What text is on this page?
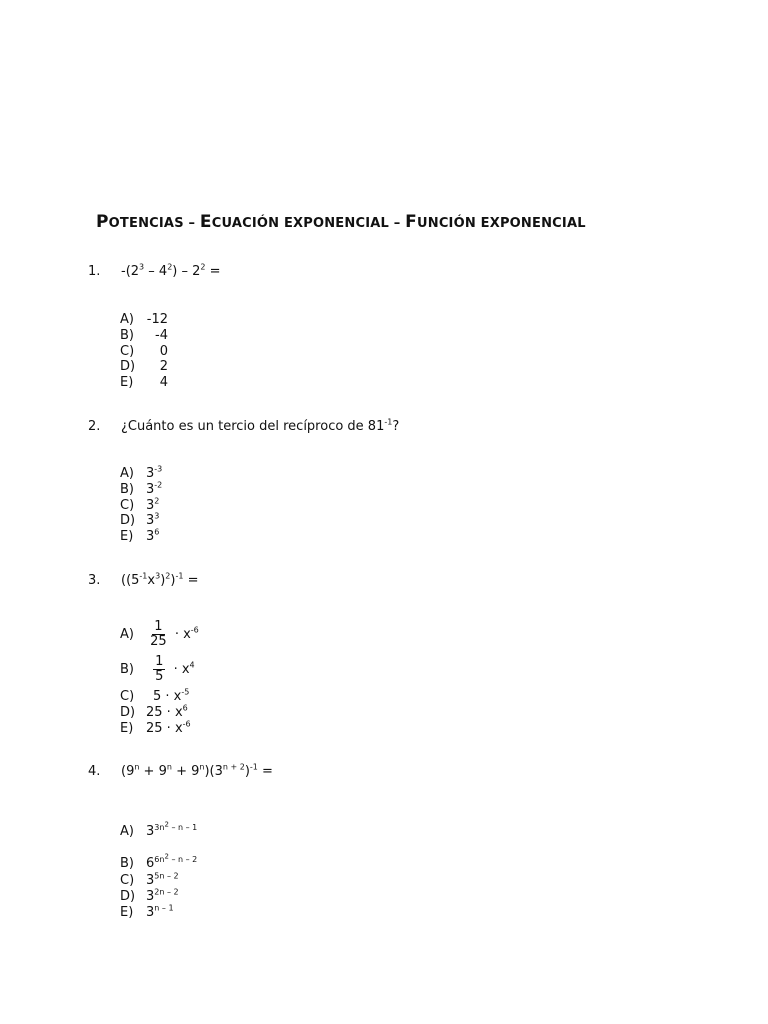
POTENCIAS – ECUACIÓN EXPONENCIAL – FUNCIÓN EXPONENCIAL
1. $-(2^3 - 4^2) - 2^2$ =
A) -12
B) -4
C) 0
D) 2
E) 4
2. ¿Cuánto es un tercio del recíproco de $81^{-1}$?
A) $3^{-3}$
B) $3^{-2}$
C) $3^2$
D) $3^3$
E) $3^6$
3. $((5^{-1}x^3)^2)^{-1}$ =
$A) \frac{1}{25} \cdot x^{-6}$
$B) \frac{1}{5} \cdot x^4$
C) $5 \cdot x^{-5}$
D) $25 \cdot x^6$
E) $25 \cdot x^{-6}$
4. $(9^n + 9^n + 9^n)(3^{n + 2})^{-1}$ =
A) $3^{3n^2 - n - 1}$
B) $6^{6n^2 - n - 2}$
C) $3^{5n - 2}$
D) $3^{2n - 2}$
E) 3$^{n - 1}$
